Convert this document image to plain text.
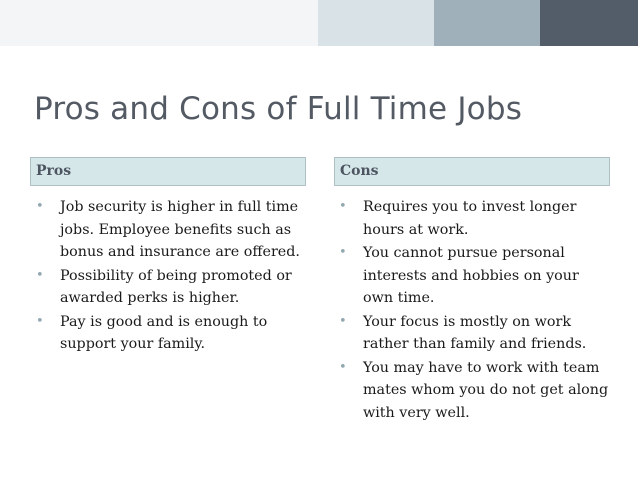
Pros and Cons of Full Time Jobs
Pros	Cons
• Job security is higher in full time jobs. Employee benefits such as bonus and insurance are offered.
• Possibility of being promoted or awarded perks is higher.
• Pay is good and is enough to support your family.
• Requires you to invest longer hours at work.
• You cannot pursue personal interests and hobbies on your own time.
• Your focus is mostly on work rather than family and friends.
• You may have to work with team mates whom you do not get along with very well.
